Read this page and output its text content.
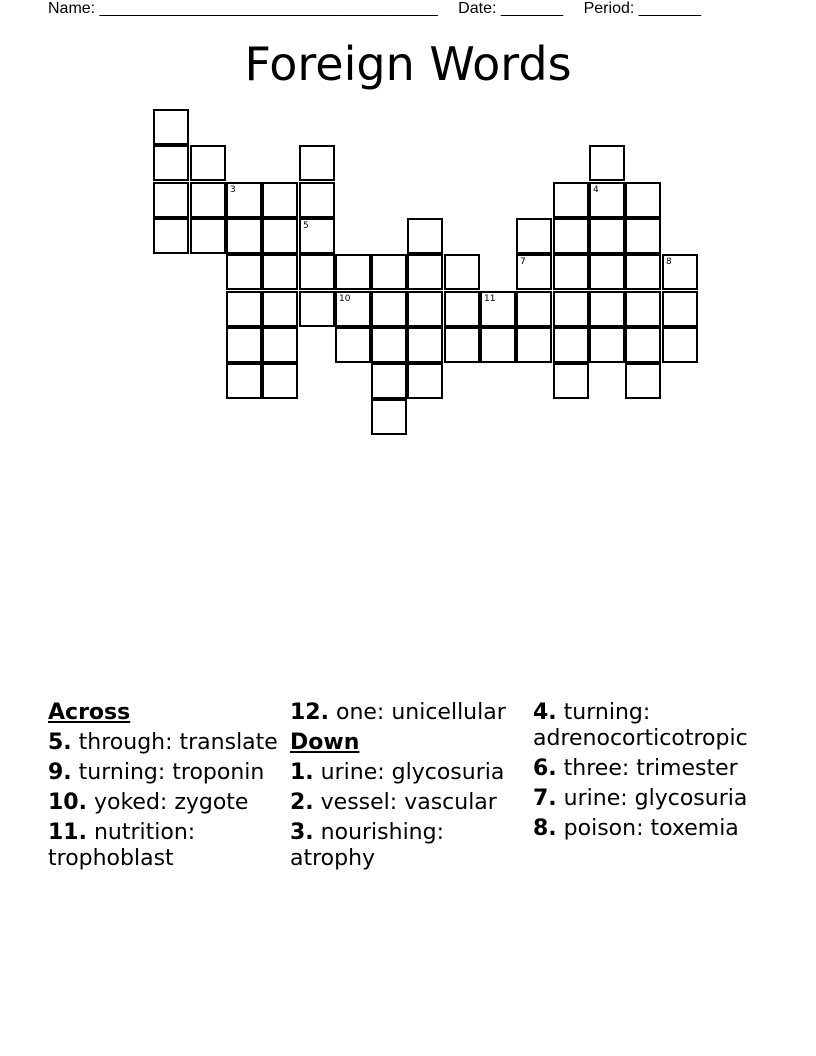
Name: ______________________________________ Date: _______ Period: _______
Foreign Words
3
5
10	11
7
4
8
Across
5. through: translate
9. turning: troponin
10. yoked: zygote
11. nutrition: trophoblast
12. one: unicellular
Down
1. urine: glycosuria
2. vessel: vascular
3. nourishing: atrophy
4. turning: adrenocorticotropic
6. three: trimester
7. urine: glycosuria
8. poison: toxemia
